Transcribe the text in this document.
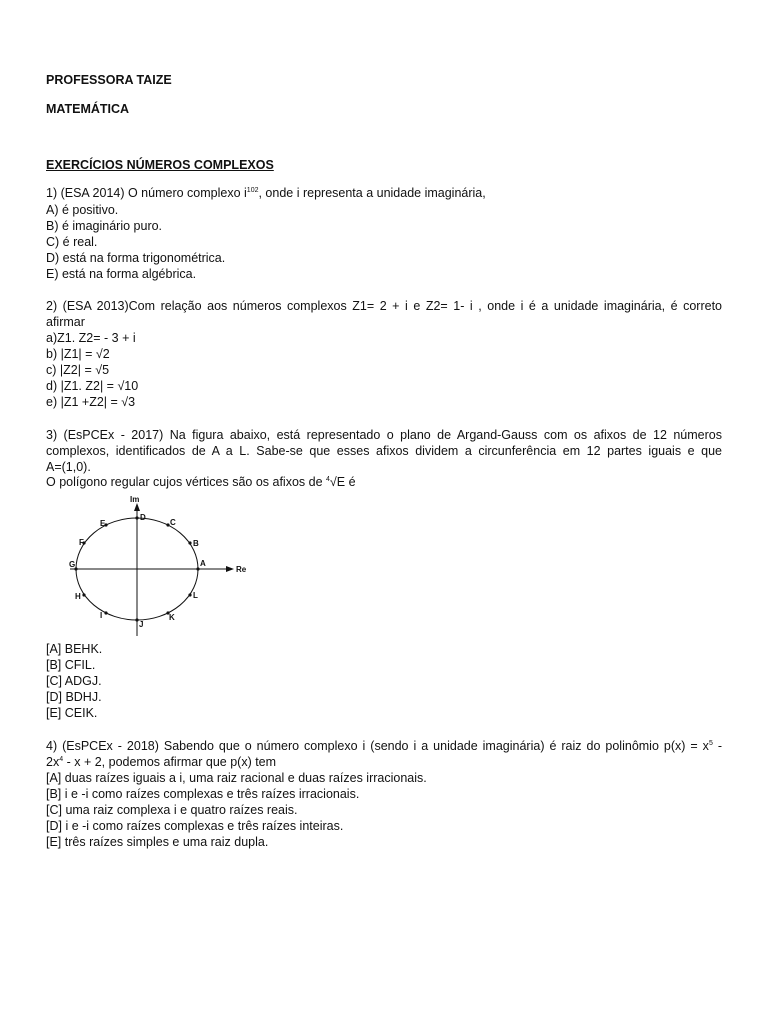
PROFESSORA TAIZE
MATEMÁTICA
EXERCÍCIOS NÚMEROS COMPLEXOS
1) (ESA 2014) O número complexo $i^{102}$, onde i representa a unidade imaginária,
A) é positivo.
B) é imaginário puro.
C) é real.
D) está na forma trigonométrica.
E) está na forma algébrica.
2) (ESA 2013)Com relação aos números complexos Z1= 2 + i e Z2= 1- i , onde i é a unidade imaginária, é correto
afirmar
a)Z1. Z2= - 3 + i
b) |Z1| = √2
c) |Z2| = √5
d) |Z1. Z2| = √10
e) |Z1 +Z2| = √3
3) (EsPCEx - 2017) Na figura abaixo, está representado o plano de Argand-Gauss com os afixos de 12 números
complexos, identificados de A a L. Sabe-se que esses afixos dividem a circunferência em 12 partes iguais e que
A=(1,0).
O polígono regular cujos vértices são os afixos de $^4$√E é
Im
Re
A
B
C
D
E
F
G
H
I
J
K
L
[A] BEHK.
[B] CFIL.
[C] ADGJ.
[D] BDHJ.
[E] CEIK.
4) (EsPCEx - 2018) Sabendo que o número complexo i (sendo i a unidade imaginária) é raiz do polinômio $p(x) = x^5$ -
$2x^4 - x + 2$, podemos afirmar que p(x) tem
[A] duas raízes iguais a i, uma raiz racional e duas raízes irracionais.
[B] i e -i como raízes complexas e três raízes irracionais.
[C] uma raiz complexa i e quatro raízes reais.
[D] i e -i como raízes complexas e três raízes inteiras.
[E] três raízes simples e uma raiz dupla.
